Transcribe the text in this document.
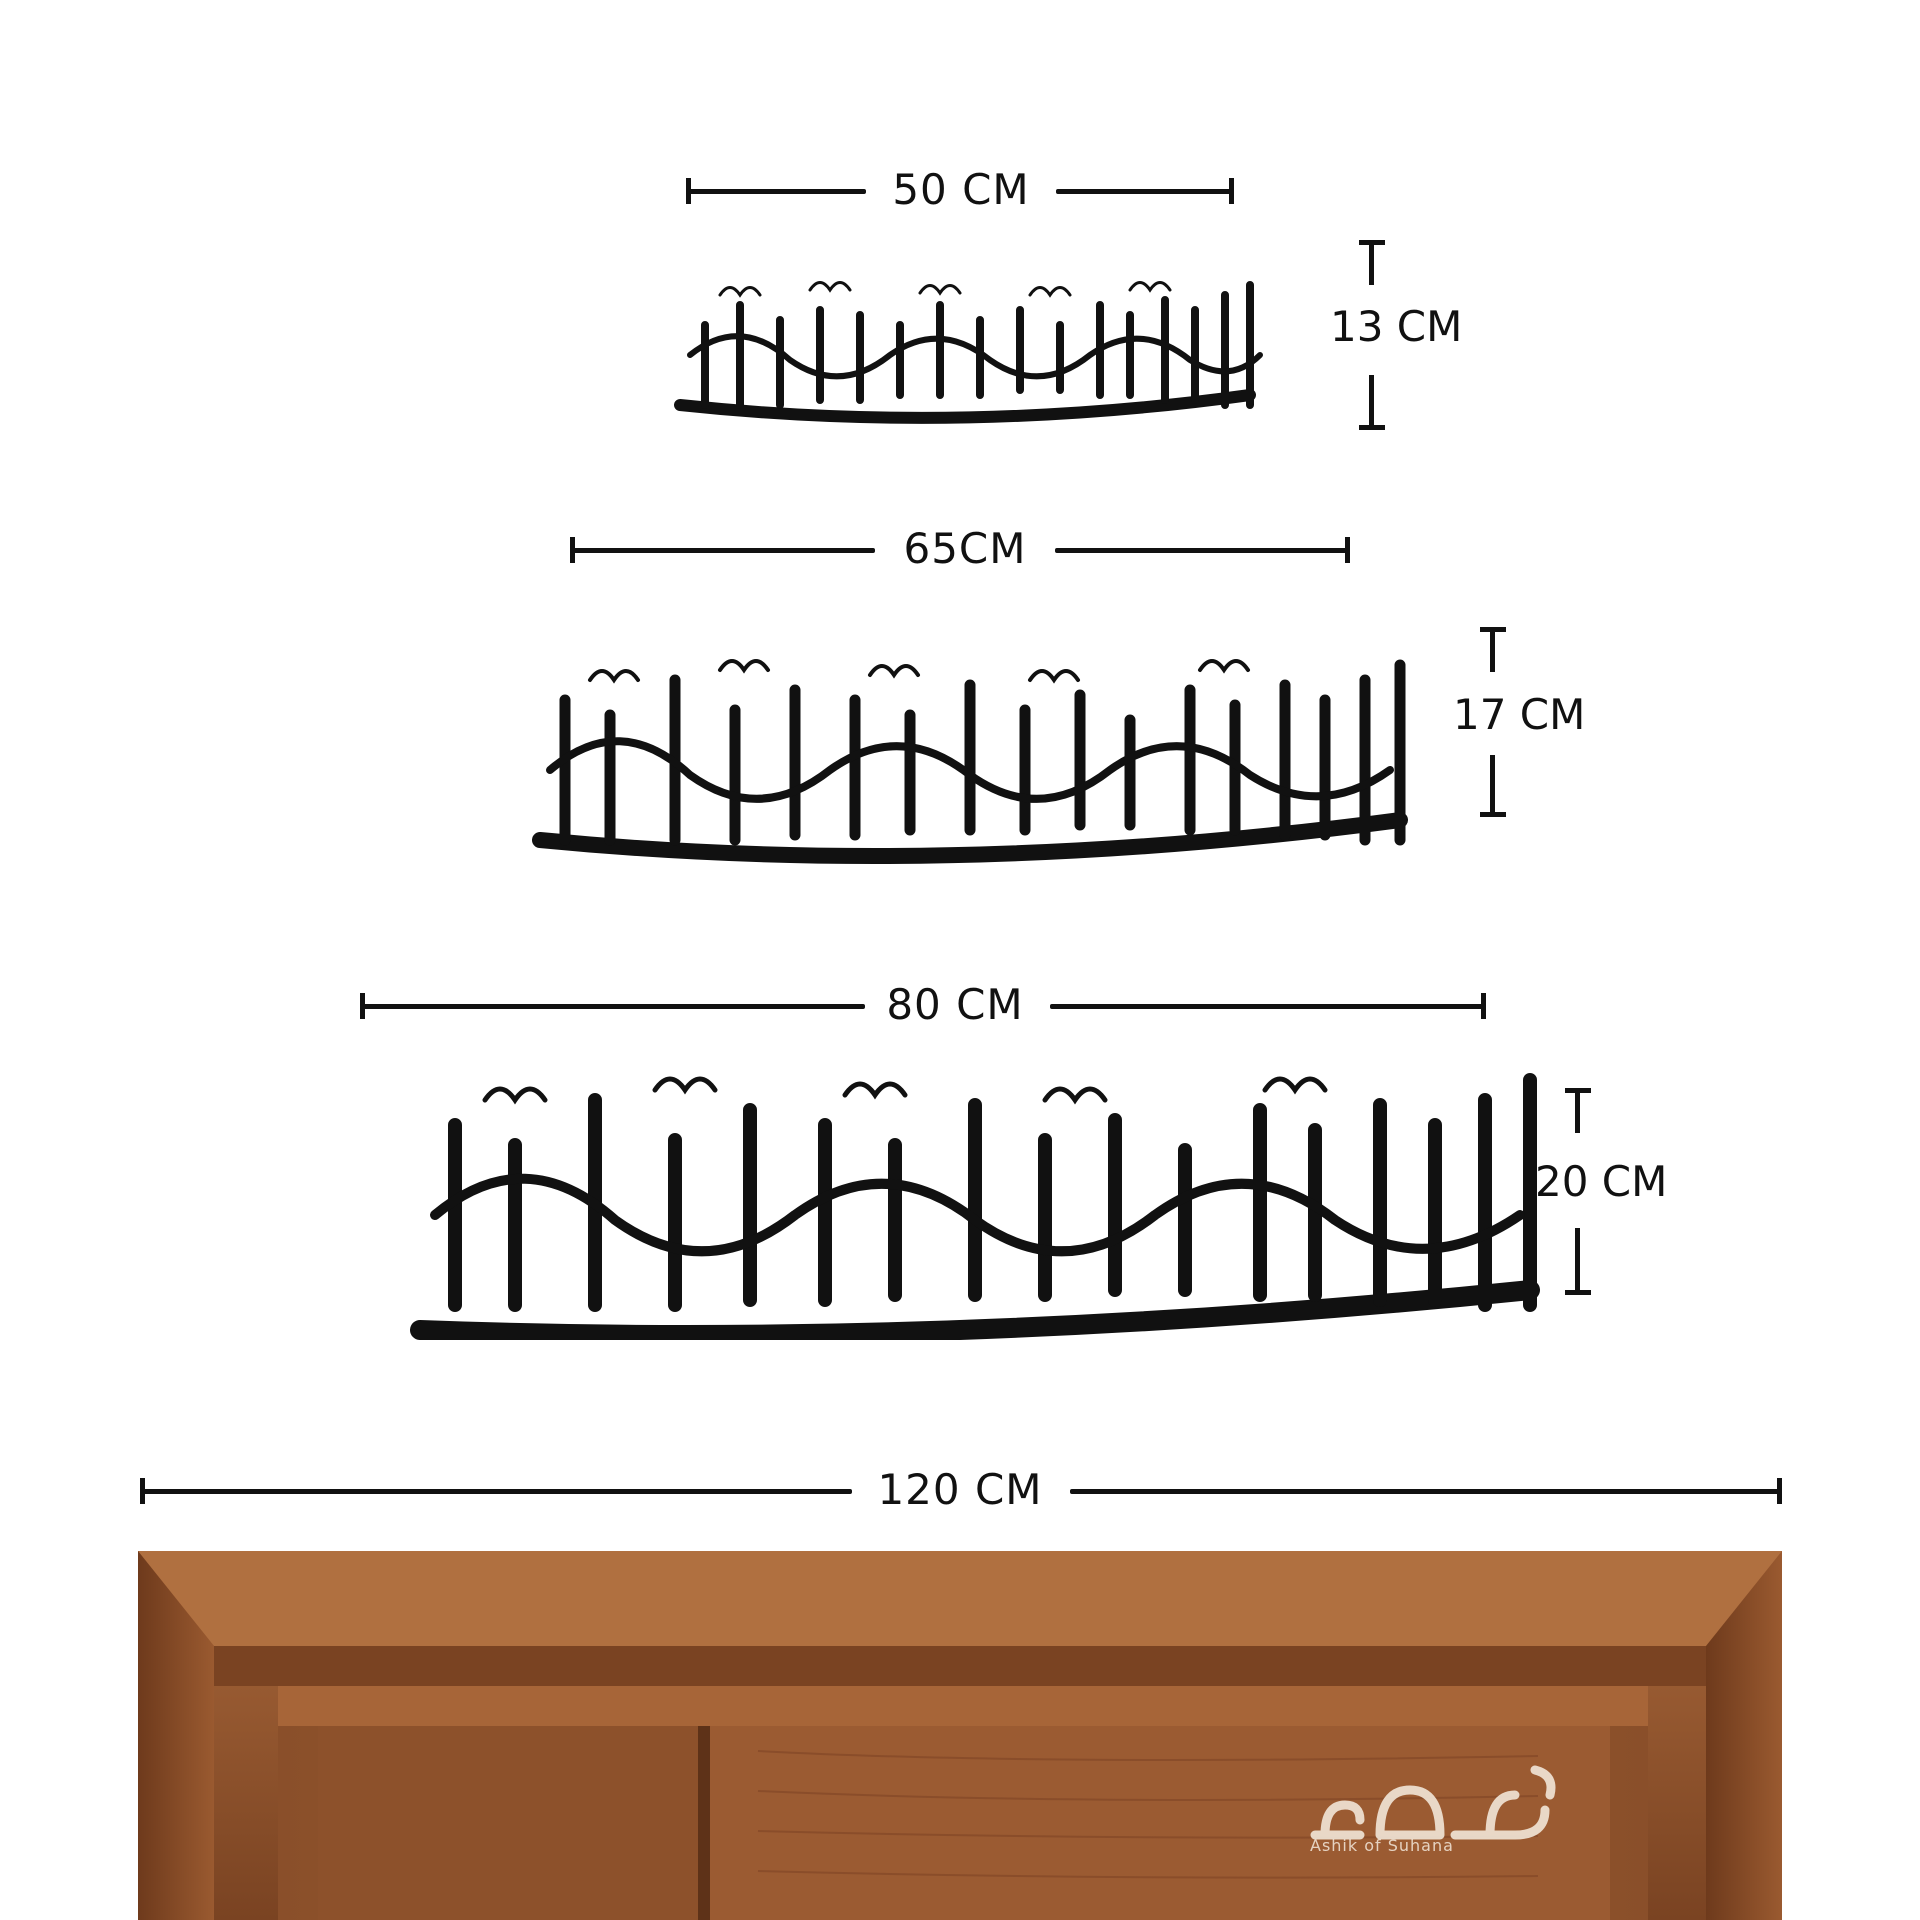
50 CM
13 CM
65CM
17 CM
80 CM
20 CM
120 CM
Ashik of Suhana
